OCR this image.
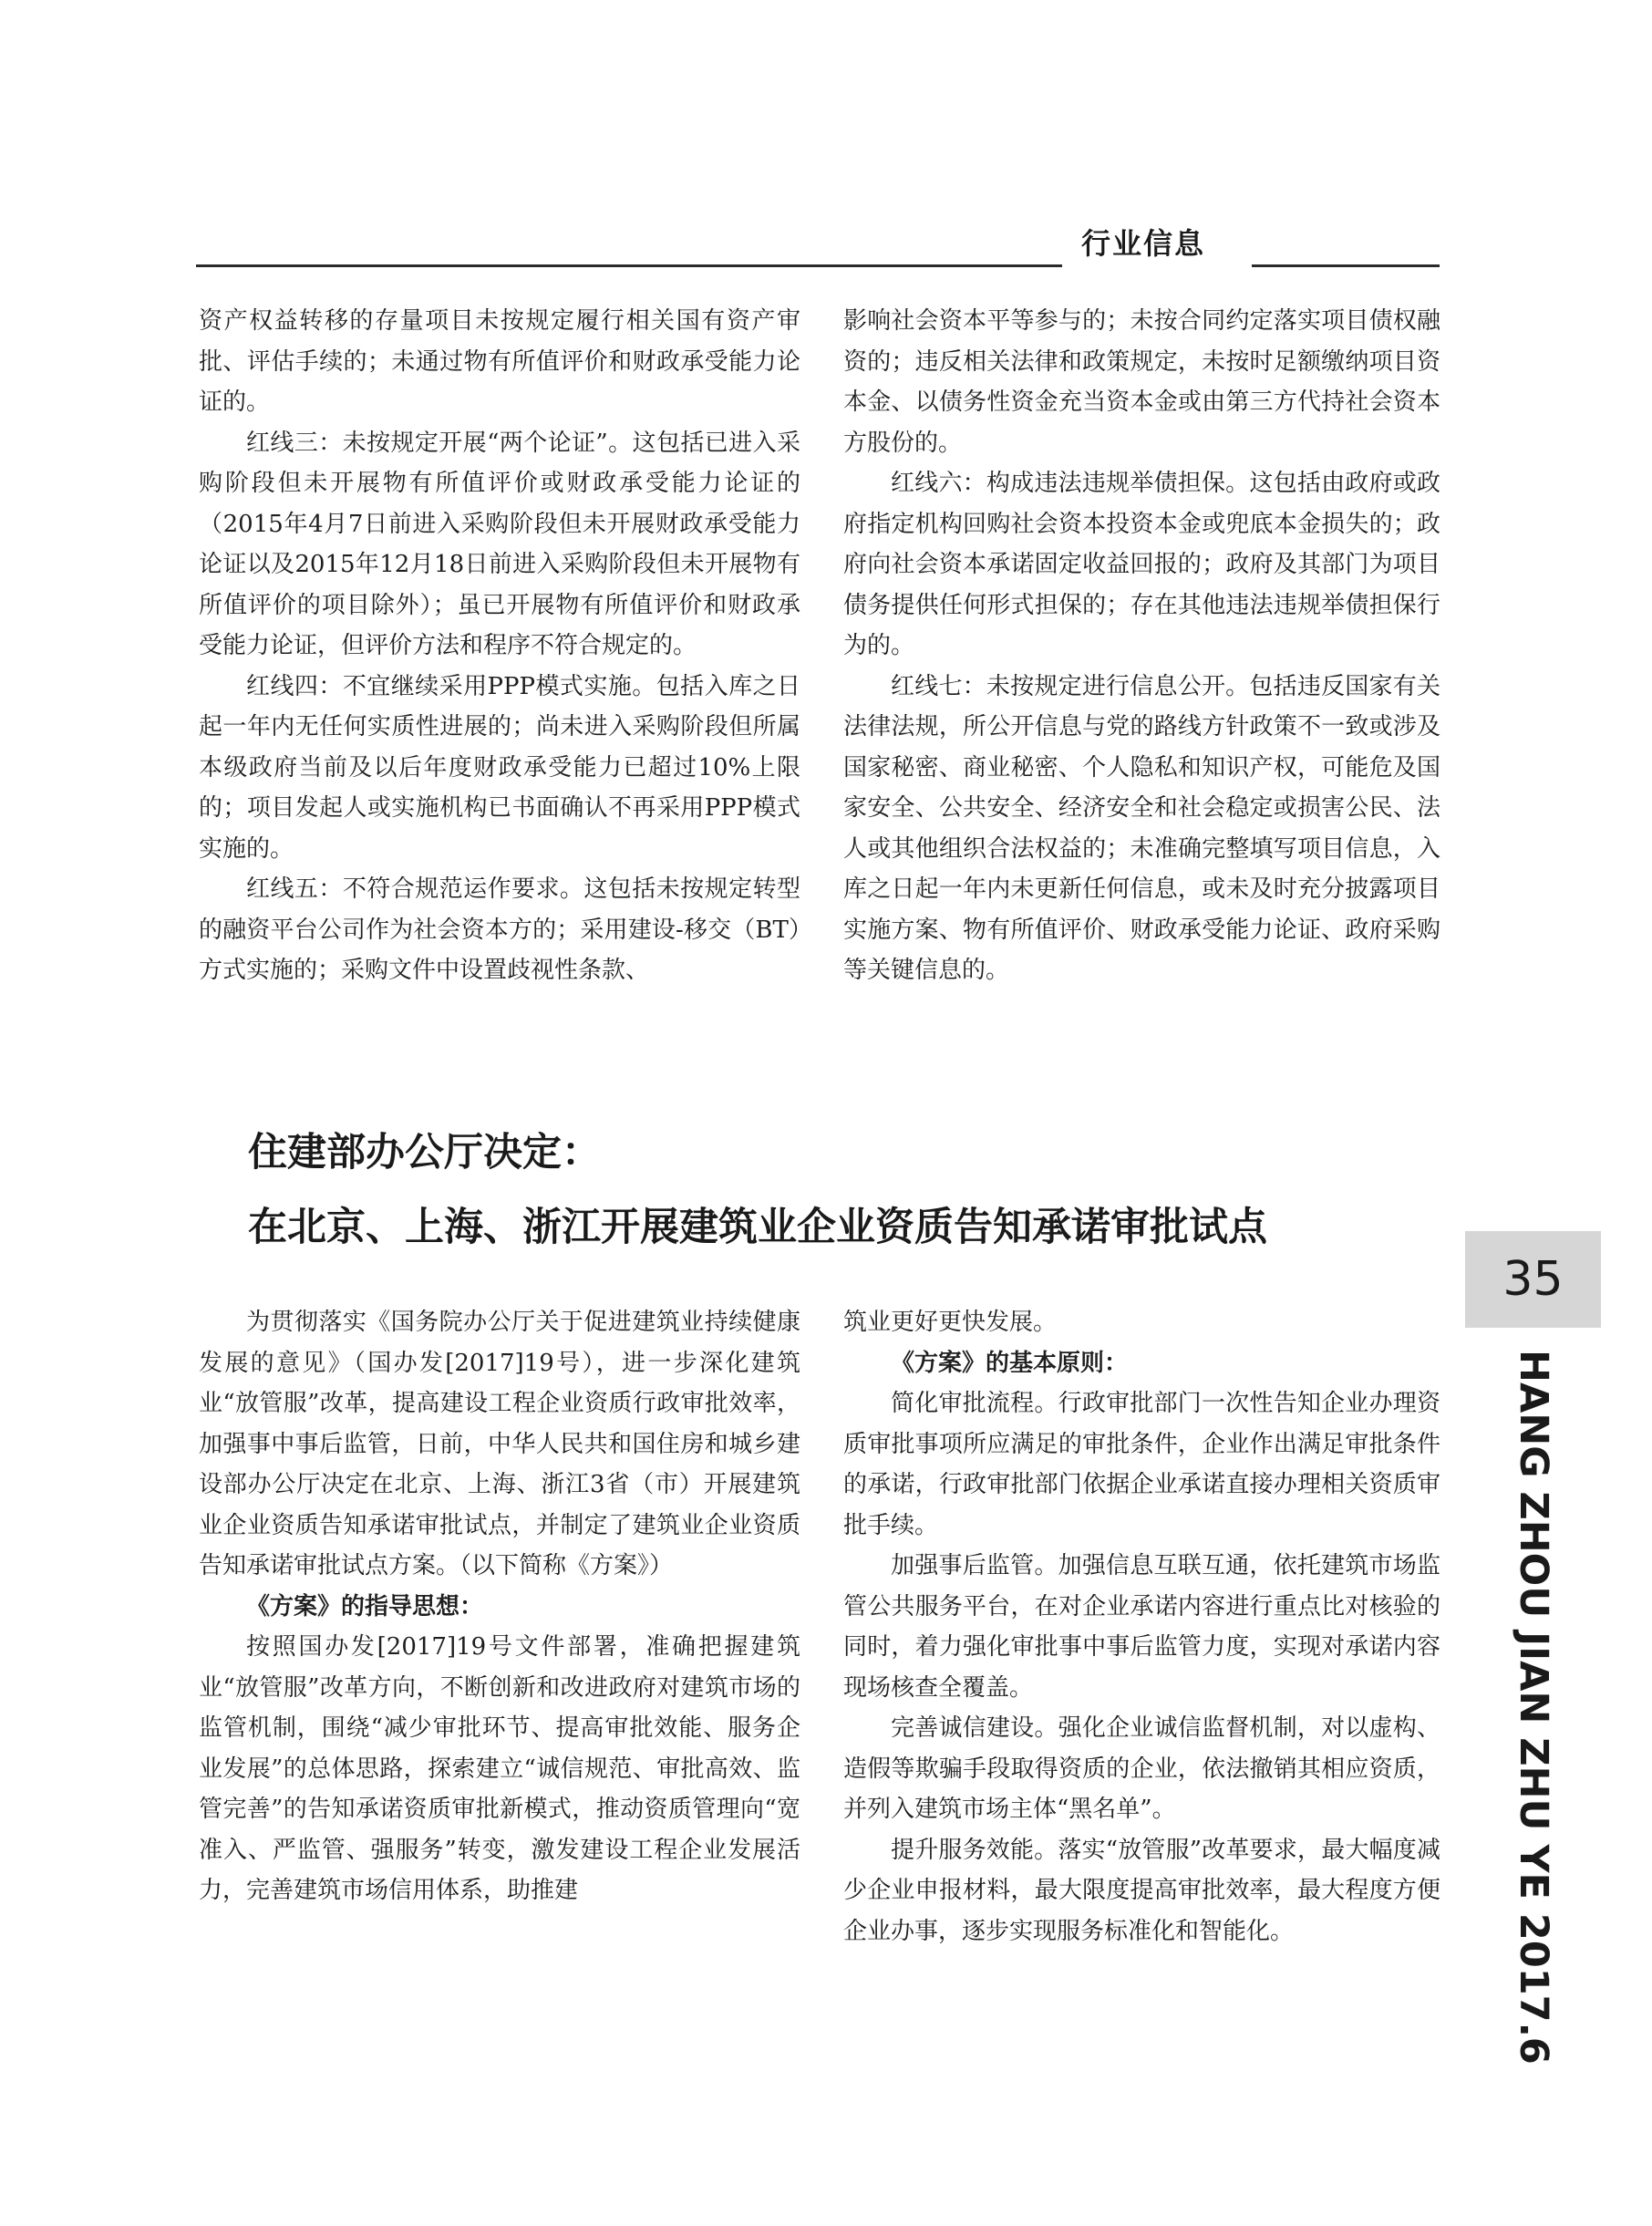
行业信息

资产权益转移的存量项目未按规定履行相关国有资产审批、评估手续的；未通过物有所值评价和财政承受能力论证的。

红线三：未按规定开展“两个论证”。这包括已进入采购阶段但未开展物有所值评价或财政承受能力论证的（2015年4月7日前进入采购阶段但未开展财政承受能力论证以及2015年12月18日前进入采购阶段但未开展物有所值评价的项目除外）；虽已开展物有所值评价和财政承受能力论证，但评价方法和程序不符合规定的。

红线四：不宜继续采用PPP模式实施。包括入库之日起一年内无任何实质性进展的；尚未进入采购阶段但所属本级政府当前及以后年度财政承受能力已超过10%上限的；项目发起人或实施机构已书面确认不再采用PPP模式实施的。

红线五：不符合规范运作要求。这包括未按规定转型的融资平台公司作为社会资本方的；采用建设-移交（BT）方式实施的；采购文件中设置歧视性条款、

影响社会资本平等参与的；未按合同约定落实项目债权融资的；违反相关法律和政策规定，未按时足额缴纳项目资本金、以债务性资金充当资本金或由第三方代持社会资本方股份的。

红线六：构成违法违规举债担保。这包括由政府或政府指定机构回购社会资本投资本金或兜底本金损失的；政府向社会资本承诺固定收益回报的；政府及其部门为项目债务提供任何形式担保的；存在其他违法违规举债担保行为的。

红线七：未按规定进行信息公开。包括违反国家有关法律法规，所公开信息与党的路线方针政策不一致或涉及国家秘密、商业秘密、个人隐私和知识产权，可能危及国家安全、公共安全、经济安全和社会稳定或损害公民、法人或其他组织合法权益的；未准确完整填写项目信息，入库之日起一年内未更新任何信息，或未及时充分披露项目实施方案、物有所值评价、财政承受能力论证、政府采购等关键信息的。

住建部办公厅决定：
在北京、上海、浙江开展建筑业企业资质告知承诺审批试点

为贯彻落实《国务院办公厅关于促进建筑业持续健康发展的意见》（国办发[2017]19号），进一步深化建筑业“放管服”改革，提高建设工程企业资质行政审批效率，加强事中事后监管，日前，中华人民共和国住房和城乡建设部办公厅决定在北京、上海、浙江3省（市）开展建筑业企业资质告知承诺审批试点，并制定了建筑业企业资质告知承诺审批试点方案。（以下简称《方案》）

《方案》的指导思想：

按照国办发[2017]19号文件部署，准确把握建筑业“放管服”改革方向，不断创新和改进政府对建筑市场的监管机制，围绕“减少审批环节、提高审批效能、服务企业发展”的总体思路，探索建立“诚信规范、审批高效、监管完善”的告知承诺资质审批新模式，推动资质管理向“宽准入、严监管、强服务”转变，激发建设工程企业发展活力，完善建筑市场信用体系，助推建

筑业更好更快发展。

《方案》的基本原则：

简化审批流程。行政审批部门一次性告知企业办理资质审批事项所应满足的审批条件，企业作出满足审批条件的承诺，行政审批部门依据企业承诺直接办理相关资质审批手续。

加强事后监管。加强信息互联互通，依托建筑市场监管公共服务平台，在对企业承诺内容进行重点比对核验的同时，着力强化审批事中事后监管力度，实现对承诺内容现场核查全覆盖。

完善诚信建设。强化企业诚信监督机制，对以虚构、造假等欺骗手段取得资质的企业，依法撤销其相应资质，并列入建筑市场主体“黑名单”。

提升服务效能。落实“放管服”改革要求，最大幅度减少企业申报材料，最大限度提高审批效率，最大程度方便企业办事，逐步实现服务标准化和智能化。

35
HANG ZHOU JIAN ZHU YE 2017.6
